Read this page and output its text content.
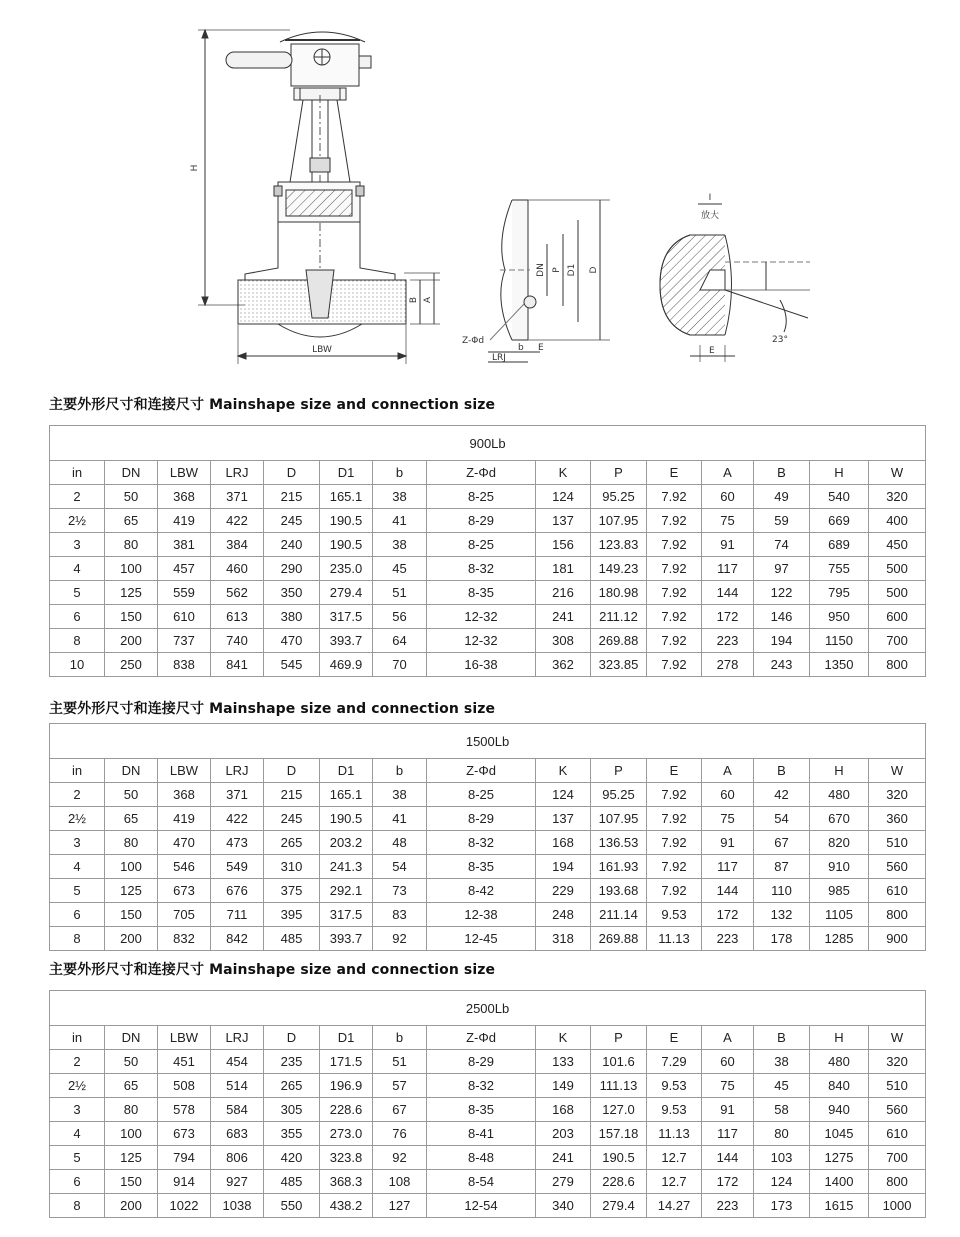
H
B A
LBW
D
D1
P
DN
Z-Φd
b E
LRJ
I
放大
23°
E
主要外形尺寸和连接尺寸 Mainshape size and connection size
900Lb														
in	DN	LBW	LRJ	D	D1	b	Z-Φd	K	P	E	A	B	H	W
2	50	368	371	215	165.1	38	8-25	124	95.25	7.92	60	49	540	320
2½	65	419	422	245	190.5	41	8-29	137	107.95	7.92	75	59	669	400
3	80	381	384	240	190.5	38	8-25	156	123.83	7.92	91	74	689	450
4	100	457	460	290	235.0	45	8-32	181	149.23	7.92	117	97	755	500
5	125	559	562	350	279.4	51	8-35	216	180.98	7.92	144	122	795	500
6	150	610	613	380	317.5	56	12-32	241	211.12	7.92	172	146	950	600
8	200	737	740	470	393.7	64	12-32	308	269.88	7.92	223	194	1150	700
10	250	838	841	545	469.9	70	16-38	362	323.85	7.92	278	243	1350	800
主要外形尺寸和连接尺寸 Mainshape size and connection size
1500Lb														
in	DN	LBW	LRJ	D	D1	b	Z-Φd	K	P	E	A	B	H	W
2	50	368	371	215	165.1	38	8-25	124	95.25	7.92	60	42	480	320
2½	65	419	422	245	190.5	41	8-29	137	107.95	7.92	75	54	670	360
3	80	470	473	265	203.2	48	8-32	168	136.53	7.92	91	67	820	510
4	100	546	549	310	241.3	54	8-35	194	161.93	7.92	117	87	910	560
5	125	673	676	375	292.1	73	8-42	229	193.68	7.92	144	110	985	610
6	150	705	711	395	317.5	83	12-38	248	211.14	9.53	172	132	1105	800
8	200	832	842	485	393.7	92	12-45	318	269.88	11.13	223	178	1285	900
主要外形尺寸和连接尺寸 Mainshape size and connection size
2500Lb														
in	DN	LBW	LRJ	D	D1	b	Z-Φd	K	P	E	A	B	H	W
2	50	451	454	235	171.5	51	8-29	133	101.6	7.29	60	38	480	320
2½	65	508	514	265	196.9	57	8-32	149	111.13	9.53	75	45	840	510
3	80	578	584	305	228.6	67	8-35	168	127.0	9.53	91	58	940	560
4	100	673	683	355	273.0	76	8-41	203	157.18	11.13	117	80	1045	610
5	125	794	806	420	323.8	92	8-48	241	190.5	12.7	144	103	1275	700
6	150	914	927	485	368.3	108	8-54	279	228.6	12.7	172	124	1400	800
8	200	1022	1038	550	438.2	127	12-54	340	279.4	14.27	223	173	1615	1000
